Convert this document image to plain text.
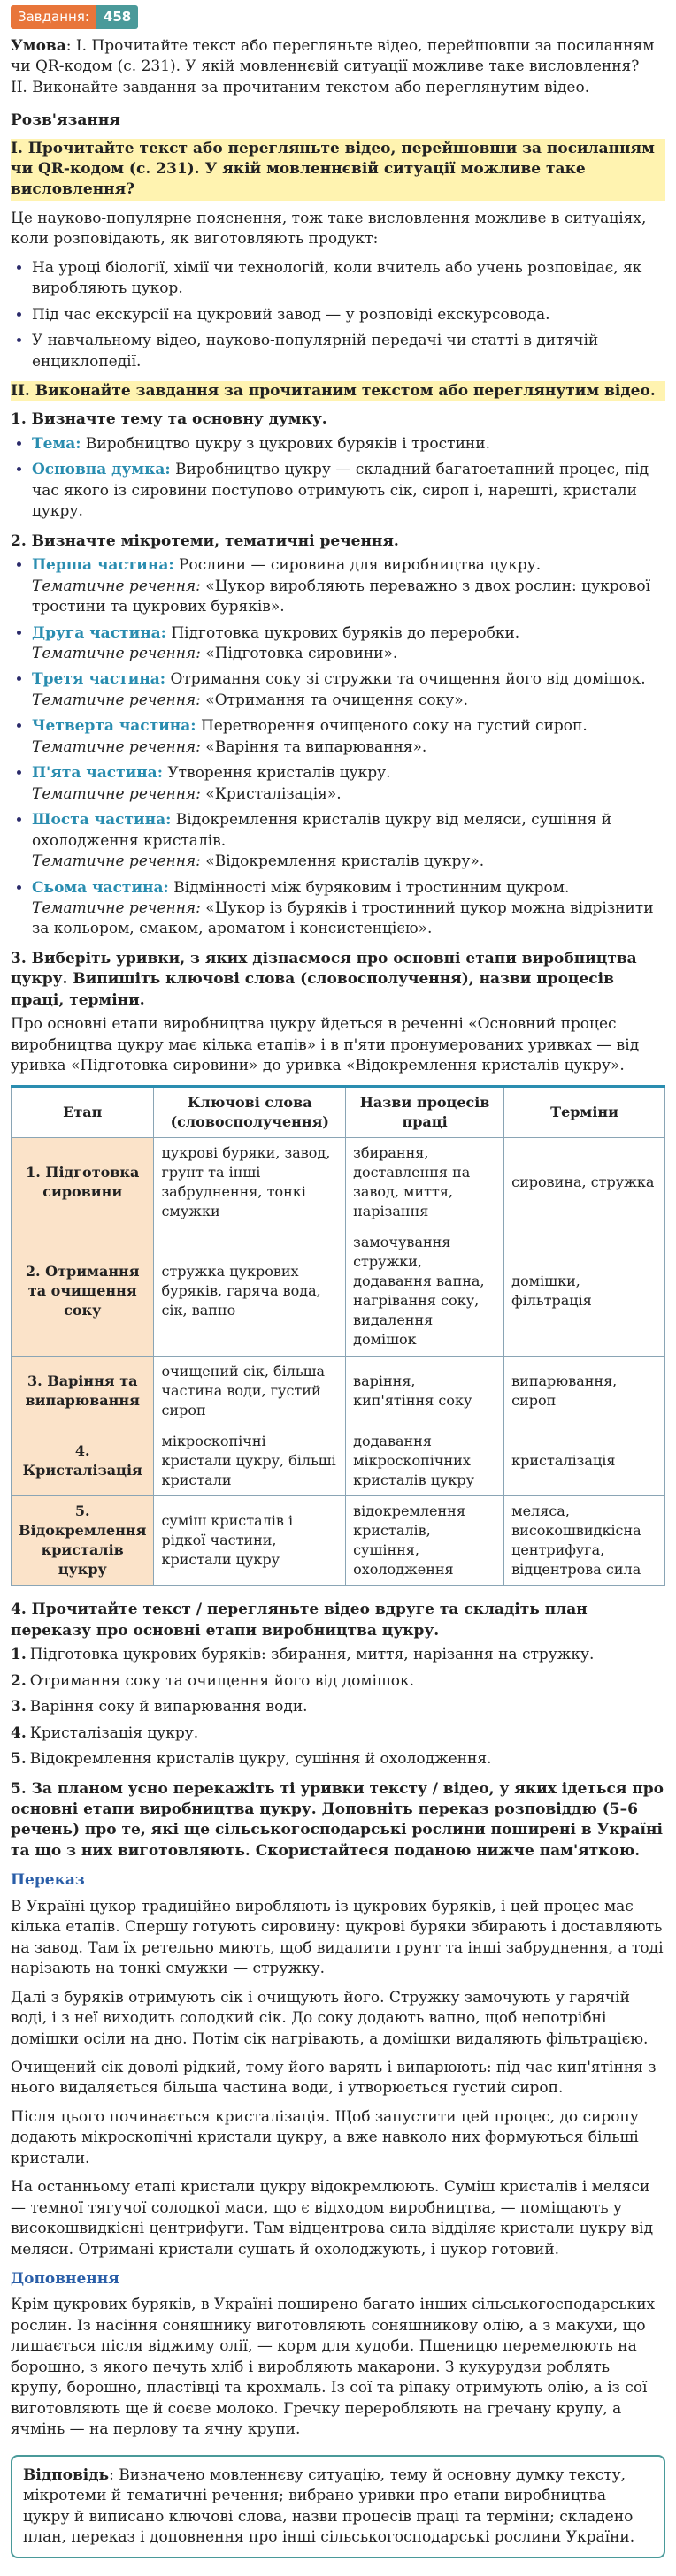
Завдання:	458

Умова: І. Прочитайте текст або перегляньте відео, перейшовши за посиланням чи QR-кодом (с. 231). У якій мовленнєвій ситуації можливе таке висловлення?
ІІ. Виконайте завдання за прочитаним текстом або переглянутим відео.

Розв'язання

І. Прочитайте текст або перегляньте відео, перейшовши за посиланням чи QR-кодом (с. 231). У якій мовленнєвій ситуації можливе таке висловлення?

Це науково-популярне пояснення, тож таке висловлення можливе в ситуаціях, коли розповідають, як виготовляють продукт:

• На уроці біології, хімії чи технологій, коли вчитель або учень розповідає, як виробляють цукор.
• Під час екскурсії на цукровий завод — у розповіді екскурсовода.
• У навчальному відео, науково-популярній передачі чи статті в дитячій енциклопедії.

ІІ. Виконайте завдання за прочитаним текстом або переглянутим відео.

1. Визначте тему та основну думку.
• Тема: Виробництво цукру з цукрових буряків і тростини.
• Основна думка: Виробництво цукру — складний багатоетапний процес, під час якого із сировини поступово отримують сік, сироп і, нарешті, кристали цукру.
2. Визначте мікротеми, тематичні речення.
• Перша частина: Рослини — сировина для виробництва цукру.
Тематичне речення: «Цукор виробляють переважно з двох рослин: цукрової тростини та цукрових буряків».
• Друга частина: Підготовка цукрових буряків до переробки.
Тематичне речення: «Підготовка сировини».
• Третя частина: Отримання соку зі стружки та очищення його від домішок.
Тематичне речення: «Отримання та очищення соку».
• Четверта частина: Перетворення очищеного соку на густий сироп.
Тематичне речення: «Варіння та випарювання».
• П'ята частина: Утворення кристалів цукру.
Тематичне речення: «Кристалізація».
• Шоста частина: Відокремлення кристалів цукру від меляси, сушіння й охолодження кристалів.
Тематичне речення: «Відокремлення кристалів цукру».
• Сьома частина: Відмінності між буряковим і тростинним цукром.
Тематичне речення: «Цукор із буряків і тростинний цукор можна відрізнити за кольором, смаком, ароматом і консистенцією».
3. Виберіть уривки, з яких дізнаємося про основні етапи виробництва цукру. Випишіть ключові слова (словосполучення), назви процесів праці, терміни.

Про основні етапи виробництва цукру йдеться в реченні «Основний процес виробництва цукру має кілька етапів» і в п'яти пронумерованих уривках — від уривка «Підготовка сировини» до уривка «Відокремлення кристалів цукру».

Етап	Ключові слова (словосполучення)	Назви процесів праці	Терміни
1. Підготовка сировини	цукрові буряки, завод, грунт та інші забруднення, тонкі смужки	збирання, доставлення на завод, миття, нарізання	сировина, стружка
2. Отримання та очищення соку	стружка цукрових буряків, гаряча вода, сік, вапно	замочування стружки, додавання вапна, нагрівання соку, видалення домішок	домішки, фільтрація
3. Варіння та випарювання	очищений сік, більша частина води, густий сироп	варіння, кип'ятіння соку	випарювання, сироп
4. Кристалізація	мікроскопічні кристали цукру, більші кристали	додавання мікроскопічних кристалів цукру	кристалізація
5. Відокремлення кристалів цукру	суміш кристалів і рідкої частини, кристали цукру	відокремлення кристалів, сушіння, охолодження	меляса, високошвидкісна центрифуга, відцентрова сила
4. Прочитайте текст / перегляньте відео вдруге та складіть план переказу про основні етапи виробництва цукру.
1. Підготовка цукрових буряків: збирання, миття, нарізання на стружку.
2. Отримання соку та очищення його від домішок.
3. Варіння соку й випарювання води.
4. Кристалізація цукру.
5. Відокремлення кристалів цукру, сушіння й охолодження.
5. За планом усно перекажіть ті уривки тексту / відео, у яких ідеться про основні етапи виробництва цукру. Доповніть переказ розповіддю (5–6 речень) про те, які ще сільськогосподарські рослини поширені в Україні та що з них виготовляють. Скористайтеся поданою нижче пам'яткою.

Переказ

В Україні цукор традиційно виробляють із цукрових буряків, і цей процес має кілька етапів. Спершу готують сировину: цукрові буряки збирають і доставляють на завод. Там їх ретельно миють, щоб видалити грунт та інші забруднення, а тоді нарізають на тонкі смужки — стружку.

Далі з буряків отримують сік і очищують його. Стружку замочують у гарячій воді, і з неї виходить солодкий сік. До соку додають вапно, щоб непотрібні домішки осіли на дно. Потім сік нагрівають, а домішки видаляють фільтрацією.

Очищений сік доволі рідкий, тому його варять і випарюють: під час кип'ятіння з нього видаляється більша частина води, і утворюється густий сироп.

Після цього починається кристалізація. Щоб запустити цей процес, до сиропу додають мікроскопічні кристали цукру, а вже навколо них формуються більші кристали.

На останньому етапі кристали цукру відокремлюють. Суміш кристалів і меляси — темної тягучої солодкої маси, що є відходом виробництва, — поміщають у високошвидкісні центрифуги. Там відцентрова сила відділяє кристали цукру від меляси. Отримані кристали сушать й охолоджують, і цукор готовий.

Доповнення

Крім цукрових буряків, в Україні поширено багато інших сільськогосподарських рослин. Із насіння соняшнику виготовляють соняшникову олію, а з макухи, що лишається після віджиму олії, — корм для худоби. Пшеницю перемелюють на борошно, з якого печуть хліб і виробляють макарони. З кукурудзи роблять крупу, борошно, пластівці та крохмаль. Із сої та ріпаку отримують олію, а із сої виготовляють ще й соєве молоко. Гречку переробляють на гречану крупу, а ячмінь — на перлову та ячну крупи.

Відповідь: Визначено мовленнєву ситуацію, тему й основну думку тексту, мікротеми й тематичні речення; вибрано уривки про етапи виробництва цукру й виписано ключові слова, назви процесів праці та терміни; складено план, переказ і доповнення про інші сільськогосподарські рослини України.
